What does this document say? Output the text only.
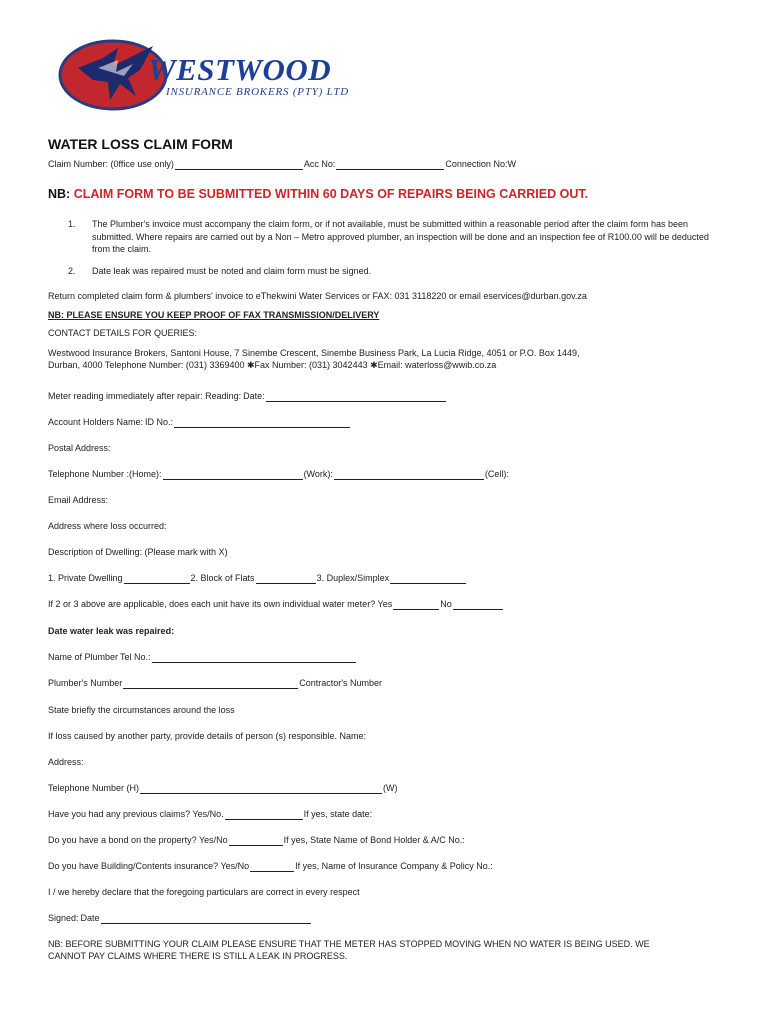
WESTWOOD
INSURANCE BROKERS (PTY) LTD
WATER LOSS CLAIM FORM
Claim Number: (0ffice use only)	Acc No:	Connection No:W
NB: CLAIM FORM TO BE SUBMITTED WITHIN 60 DAYS OF REPAIRS BEING CARRIED OUT.
1.	The Plumber's invoice must accompany the claim form, or if not available, must be submitted within a reasonable period after the claim form has been submitted. Where repairs are carried out by a Non – Metro approved plumber, an inspection will be done and an inspection fee of R100.00 will be deducted from the claim.
2.	Date leak was repaired must be noted and claim form must be signed.
Return completed claim form & plumbers' invoice to eThekwini Water Services or FAX: 031 3118220 or email eservices@durban.gov.za
NB: PLEASE ENSURE YOU KEEP PROOF OF FAX TRANSMISSION/DELIVERY
CONTACT DETAILS FOR QUERIES:
Westwood Insurance Brokers, Santoni House, 7 Sinembe Crescent, Sinembe Business Park, La Lucia Ridge, 4051 or P.O. Box 1449,
Durban, 4000 Telephone Number: (031) 3369400 ✱Fax Number: (031) 3042443 ✱Email: waterloss@wwib.co.za
Meter reading immediately after repair: Reading: Date:
Account Holders Name: ID No.:
Postal Address:
Telephone Number :(Home):	(Work):	(Cell):
Email Address:
Address where loss occurred:
Description of Dwelling: (Please mark with X)
1. Private Dwelling	2. Block of Flats	3. Duplex/Simplex
If 2 or 3 above are applicable, does each unit have its own individual water meter? Yes	No
Date water leak was repaired:
Name of Plumber Tel No.:
Plumber's Number	Contractor's Number
State briefly the circumstances around the loss
If loss caused by another party, provide details of person (s) responsible. Name:
Address:
Telephone Number (H)	(W)
Have you had any previous claims? Yes/No.	If yes, state date:
Do you have a bond on the property? Yes/No	If yes, State Name of Bond Holder & A/C No.:
Do you have Building/Contents insurance? Yes/No	If yes, Name of Insurance Company & Policy No.:
I / we hereby declare that the foregoing particulars are correct in every respect
Signed: Date
NB: BEFORE SUBMITTING YOUR CLAIM PLEASE ENSURE THAT THE METER HAS STOPPED MOVING WHEN NO WATER IS BEING USED. WE
CANNOT PAY CLAIMS WHERE THERE IS STILL A LEAK IN PROGRESS.
